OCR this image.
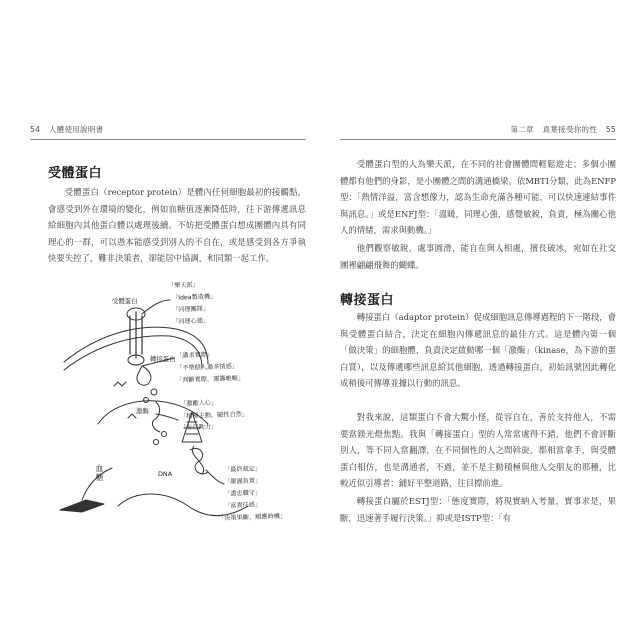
54 人體使用說明書
受體蛋白

受體蛋白（receptor protein）是體內任何細胞最初的接觸點，會感受到外在環境的變化，例如血糖值逐漸降低時，往下游傳遞訊息給細胞內其他蛋白體以處理後續。不妨把受體蛋白想成團體內具有同理心的一群，可以憑本能感受到別人的不自在，或是感受到各方爭執快要失控了，難非決策者，卻能居中協調，和同類一起工作。

受體蛋白
轉接蛋白
激酶
DNA
血糖
「樂天派」
「Idea製造機」
「同理團隊」
「同理心強」
「講求實際」
「不帶個人過多情感」
「判斷實際，運籌帷幄」
「激勵人心」
「積極主動，隨性自然」
「有行動力」
「最終裁定」
「嚴謹負責」
「盡忠職守」
「富責任感」
「決策果斷，順應時機」
第二章 真葉接受你的性 55

受體蛋白型的人為樂天派，在不同的社會團體間輕鬆遊走；多個小團體都有他們的身影，是小團體之間的溝通橋梁。依MBTI分類，此為ENFP型：「熱情洋溢，富含想像力，認為生命充滿各種可能，可以快速連結事件與訊息。」或是ENFJ型：「溫暖，同理心強，感覺敏銳，負責，極為關心他人的情緒，需求與動機。」

他們觀察敏銳，處事圓滑，能自在與人相處，擅長破冰，宛如在社交團裡翩翩飛舞的蝴蝶。

轉接蛋白

轉接蛋白（adaptor protein）促成細胞訊息傳導過程的下一階段，會與受體蛋白結合，決定在細胞內傳遞訊息的最佳方式。這是體內第一個「做決策」的細胞體，負責決定啟動哪一個「激酶」（kinase，為下游的蛋白質），以及傳遞哪些訊息給其他細胞，透過轉接蛋白，初始訊號因此轉化成稍後可傳導並據以行動的訊息。

對我來說，這類蛋白不會大驚小怪，從容自在，善於支持他人，不需要當鎂光燈焦點。我與「轉接蛋白」型的人常常處得不錯，他們不會評斷別人，等不同人當翻譯，在不同個性的人之間斡旋，都相當拿手，與受體蛋白相仿，也是溝通者，不過，並不是主動積極與他人交朋友的那種，比較近似引導者：鋪好平整道路，往目標前進。

轉接蛋白屬於ESTJ型：「態度實際，將現實納入考量，實事求是，果斷，迅速著手履行決策。」抑或是ISTP型：「有
